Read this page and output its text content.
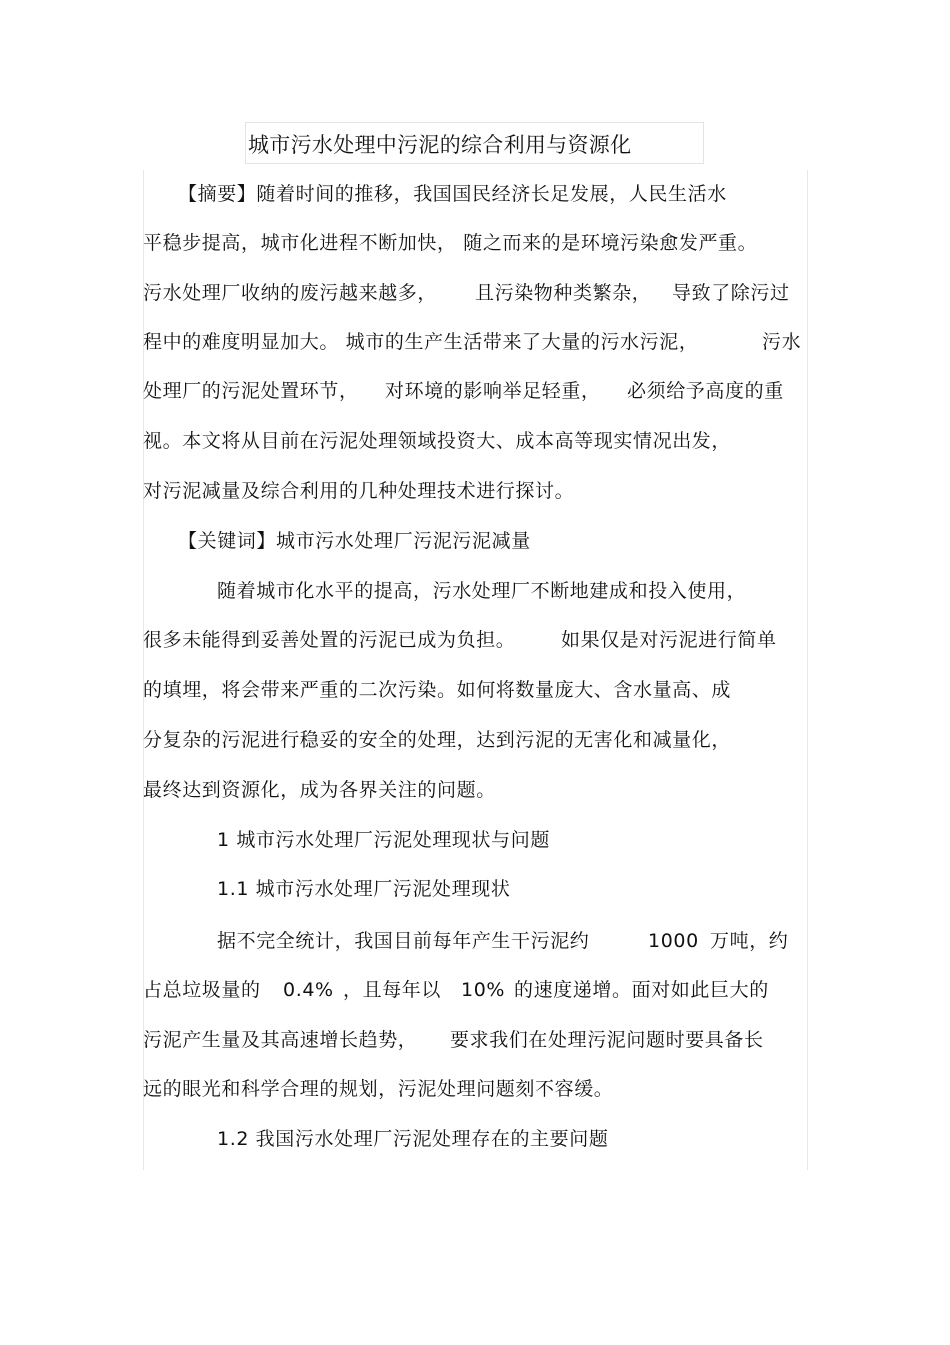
城市污水处理中污泥的综合利用与资源化
【摘要】随着时间的推移，我国国民经济长足发展，人民生活水
平稳步提高，城市化进程不断加快， 随之而来的是环境污染愈发严重。
污水处理厂收纳的废污越来越多， 且污染物种类繁杂， 导致了除污过
程中的难度明显加大。 城市的生产生活带来了大量的污水污泥，	污水
处理厂的污泥处置环节， 对环境的影响举足轻重， 必须给予高度的重
视。本文将从目前在污泥处理领域投资大、成本高等现实情况出发，
对污泥减量及综合利用的几种处理技术进行探讨。
【关键词】城市污水处理厂污泥污泥减量
随着城市化水平的提高，污水处理厂不断地建成和投入使用，
很多未能得到妥善处置的污泥已成为负担。 如果仅是对污泥进行简单
的填埋，将会带来严重的二次污染。如何将数量庞大、含水量高、成
分复杂的污泥进行稳妥的安全的处理，达到污泥的无害化和减量化，
最终达到资源化，成为各界关注的问题。
1 城市污水处理厂污泥处理现状与问题
1.1 城市污水处理厂污泥处理现状
据不完全统计，我国目前每年产生干污泥约	1000 万吨，约
占总垃圾量的 0.4% ，且每年以 10% 的速度递增。面对如此巨大的
污泥产生量及其高速增长趋势， 要求我们在处理污泥问题时要具备长
远的眼光和科学合理的规划，污泥处理问题刻不容缓。
1.2 我国污水处理厂污泥处理存在的主要问题
